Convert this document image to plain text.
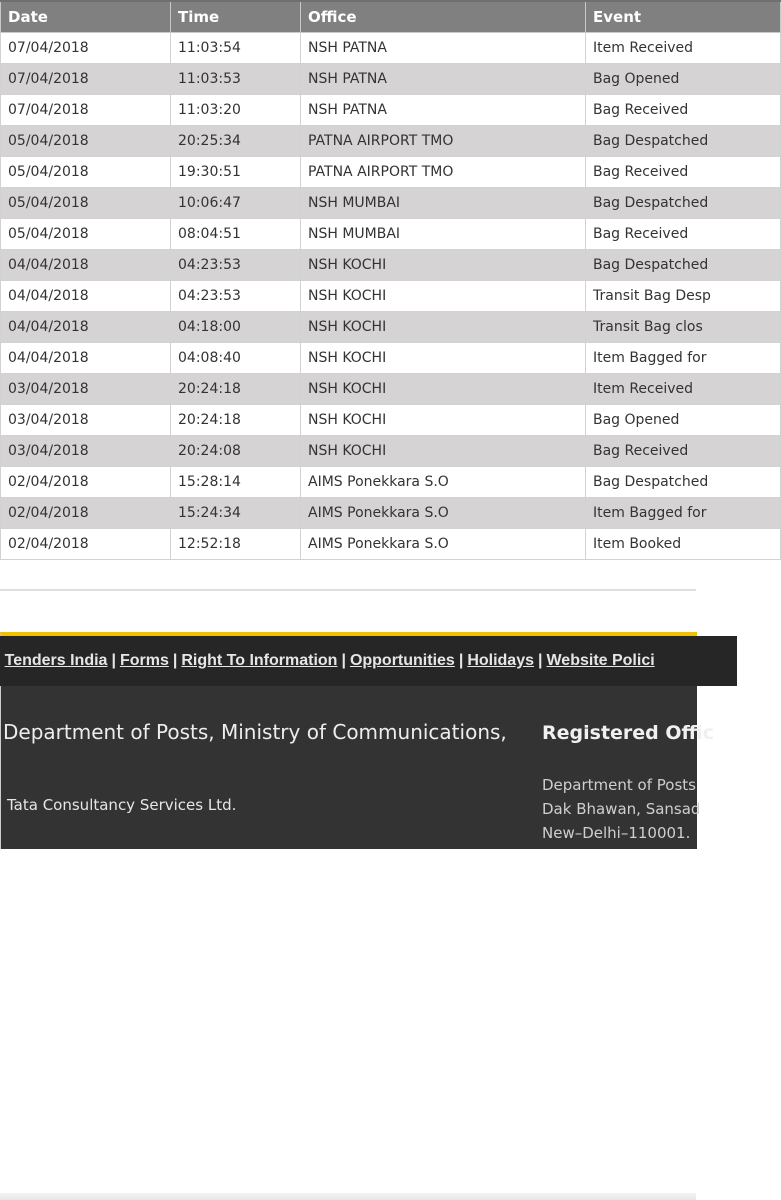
Date	Time	Office	Event
07/04/2018	11:03:54	NSH PATNA	Item Received
07/04/2018	11:03:53	NSH PATNA	Bag Opened
07/04/2018	11:03:20	NSH PATNA	Bag Received
05/04/2018	20:25:34	PATNA AIRPORT TMO	Bag Despatched
05/04/2018	19:30:51	PATNA AIRPORT TMO	Bag Received
05/04/2018	10:06:47	NSH MUMBAI	Bag Despatched
05/04/2018	08:04:51	NSH MUMBAI	Bag Received
04/04/2018	04:23:53	NSH KOCHI	Bag Despatched
04/04/2018	04:23:53	NSH KOCHI	Transit Bag Desp
04/04/2018	04:18:00	NSH KOCHI	Transit Bag clos
04/04/2018	04:08:40	NSH KOCHI	Item Bagged for
03/04/2018	20:24:18	NSH KOCHI	Item Received
03/04/2018	20:24:18	NSH KOCHI	Bag Opened
03/04/2018	20:24:08	NSH KOCHI	Bag Received
02/04/2018	15:28:14	AIMS Ponekkara S.O	Bag Despatched
02/04/2018	15:24:34	AIMS Ponekkara S.O	Item Bagged for
02/04/2018	12:52:18	AIMS Ponekkara S.O	Item Booked
Tenders India | Forms | Right To Information | Opportunities | Holidays | Website Polici
Department of Posts, Ministry of Communications,
Tata Consultancy Services Ltd.
Registered Offic
Department of Posts
Dak Bhawan, Sansad
New–Delhi–110001.
